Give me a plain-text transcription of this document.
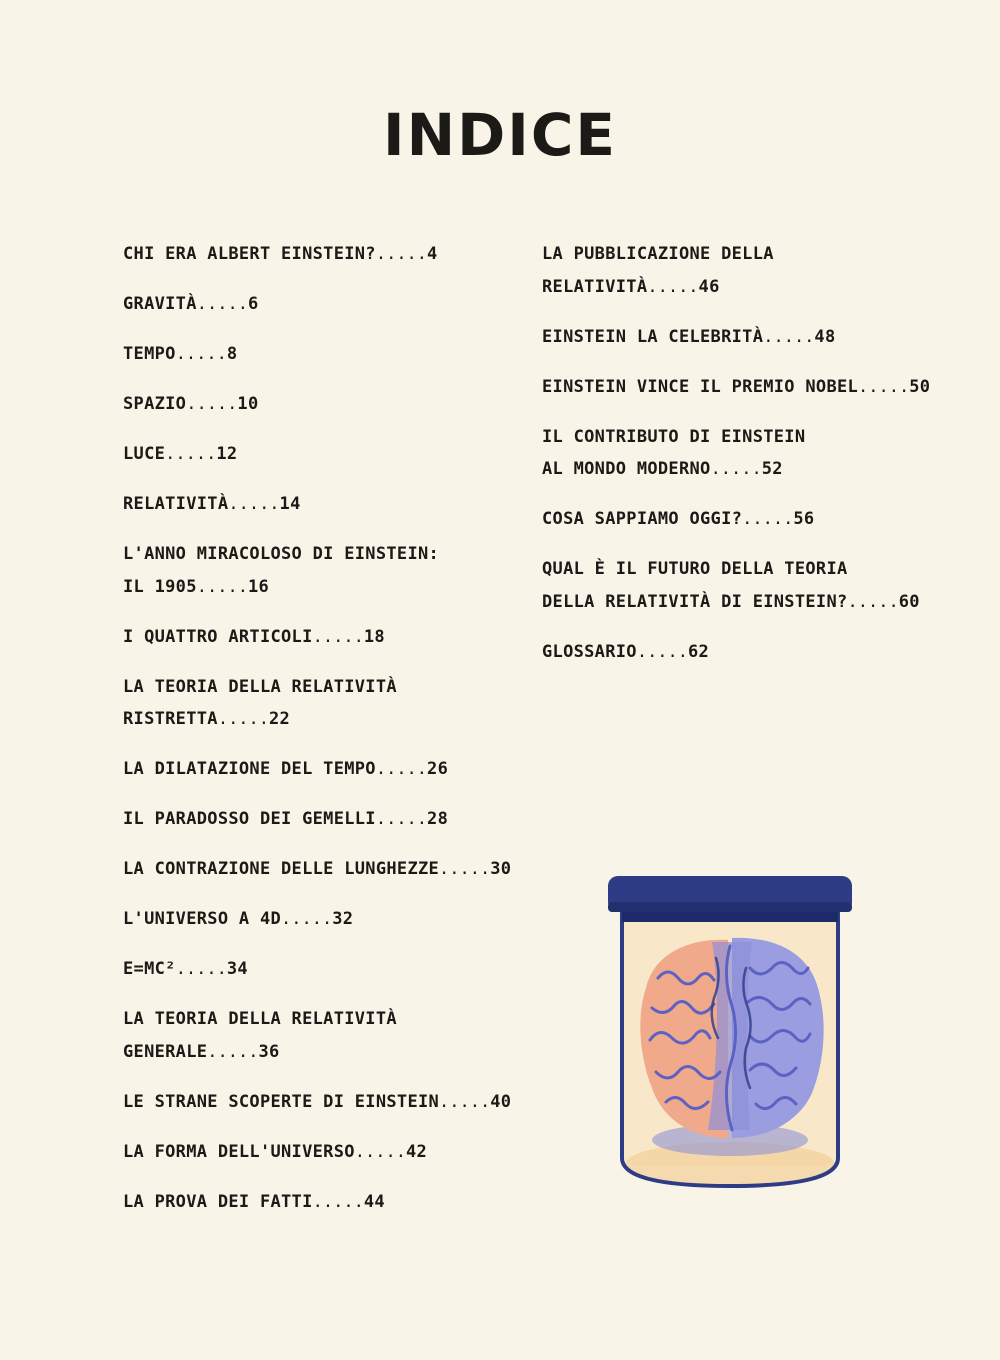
INDICE
CHI ERA ALBERT EINSTEIN?.....4
GRAVITÀ.....6
TEMPO.....8
SPAZIO.....10
LUCE.....12
RELATIVITÀ.....14
L'ANNO MIRACOLOSO DI EINSTEIN:
IL 1905.....16
I QUATTRO ARTICOLI.....18
LA TEORIA DELLA RELATIVITÀ
RISTRETTA.....22
LA DILATAZIONE DEL TEMPO.....26
IL PARADOSSO DEI GEMELLI.....28
LA CONTRAZIONE DELLE LUNGHEZZE.....30
L'UNIVERSO A 4D.....32
E=MC².....34
LA TEORIA DELLA RELATIVITÀ
GENERALE.....36
LE STRANE SCOPERTE DI EINSTEIN.....40
LA FORMA DELL'UNIVERSO.....42
LA PROVA DEI FATTI.....44
LA PUBBLICAZIONE DELLA
RELATIVITÀ.....46
EINSTEIN LA CELEBRITÀ.....48
EINSTEIN VINCE IL PREMIO NOBEL.....50
IL CONTRIBUTO DI EINSTEIN
AL MONDO MODERNO.....52
COSA SAPPIAMO OGGI?.....56
QUAL È IL FUTURO DELLA TEORIA
DELLA RELATIVITÀ DI EINSTEIN?.....60
GLOSSARIO.....62
